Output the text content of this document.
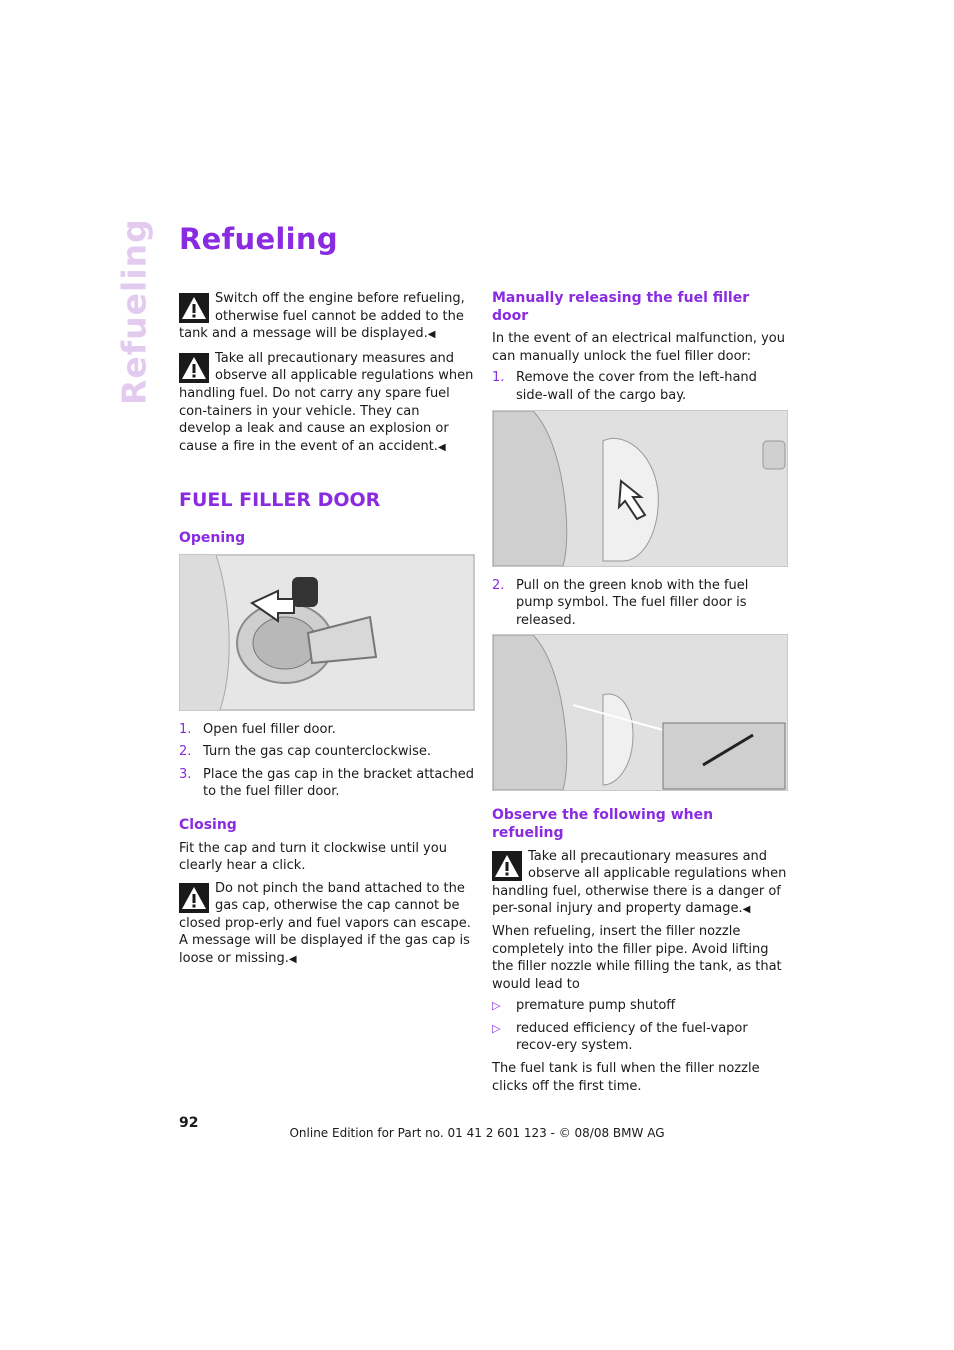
Refueling Refueling

Switch off the engine before refueling, otherwise fuel cannot be added to the tank and a message will be displayed.◀

Take all precautionary measures and observe all applicable regulations when handling fuel. Do not carry any spare fuel con-tainers in your vehicle. They can develop a leak and cause an explosion or cause a fire in the event of an accident.◀

FUEL FILLER DOOR
Opening
1. Open fuel filler door.
2. Turn the gas cap counterclockwise.
3. Place the gas cap in the bracket attached to the fuel filler door.
Closing

Fit the cap and turn it clockwise until you clearly hear a click.

Do not pinch the band attached to the gas cap, otherwise the cap cannot be closed prop-erly and fuel vapors can escape. A message will be displayed if the gas cap is loose or missing.◀

Manually releasing the fuel filler door

In the event of an electrical malfunction, you can manually unlock the fuel filler door:

1. Remove the cover from the left-hand side-wall of the cargo bay.
2. Pull on the green knob with the fuel pump symbol. The fuel filler door is released.
Observe the following when refueling

Take all precautionary measures and observe all applicable regulations when handling fuel, otherwise there is a danger of per-sonal injury and property damage.◀

When refueling, insert the filler nozzle completely into the filler pipe. Avoid lifting the filler nozzle while filling the tank, as that would lead to

▷ premature pump shutoff
▷ reduced efficiency of the fuel-vapor recov-ery system.

The fuel tank is full when the filler nozzle clicks off the first time.

92
Online Edition for Part no. 01 41 2 601 123 - © 08/08 BMW AG
